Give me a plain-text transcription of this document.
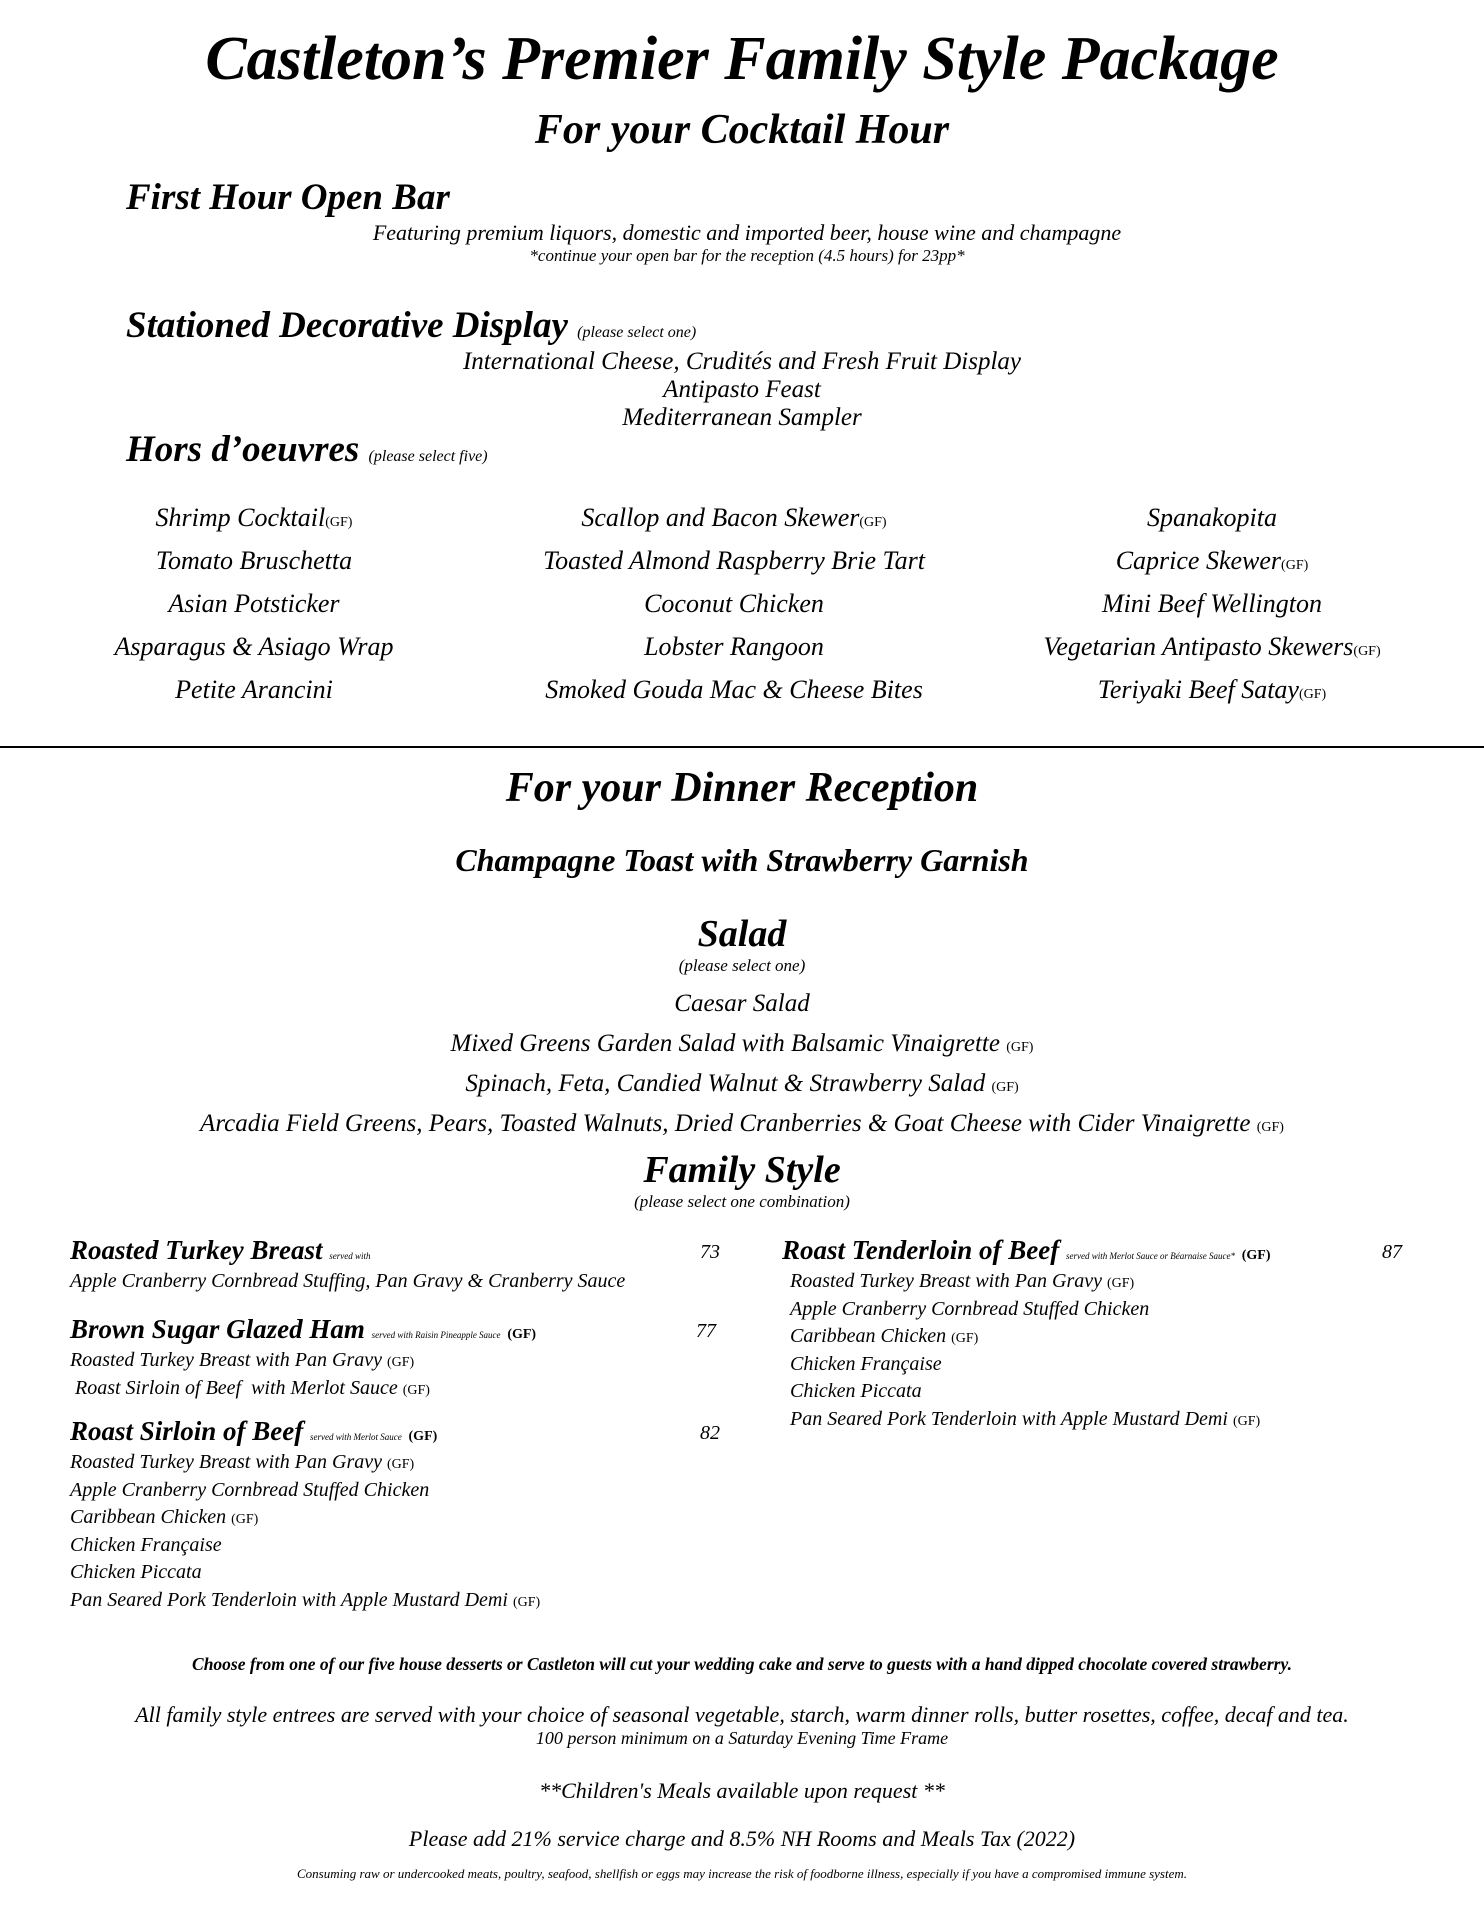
Castleton’s Premier Family Style Package
For your Cocktail Hour
First Hour Open Bar
Featuring premium liquors, domestic and imported beer, house wine and champagne
*continue your open bar for the reception (4.5 hours) for 23pp*
Stationed Decorative Display (please select one)
International Cheese, Crudités and Fresh Fruit Display
Antipasto Feast
Mediterranean Sampler
Hors d’oeuvres (please select five)
Shrimp Cocktail(GF)
Tomato Bruschetta
Asian Potsticker
Asparagus & Asiago Wrap
Petite Arancini
Scallop and Bacon Skewer(GF)
Toasted Almond Raspberry Brie Tart
Coconut Chicken
Lobster Rangoon
Smoked Gouda Mac & Cheese Bites
Spanakopita
Caprice Skewer(GF)
Mini Beef Wellington
Vegetarian Antipasto Skewers(GF)
Teriyaki Beef Satay(GF)
For your Dinner Reception
Champagne Toast with Strawberry Garnish
Salad
(please select one)
Caesar Salad
Mixed Greens Garden Salad with Balsamic Vinaigrette (GF)
Spinach, Feta, Candied Walnut & Strawberry Salad (GF)
Arcadia Field Greens, Pears, Toasted Walnuts, Dried Cranberries & Goat Cheese with Cider Vinaigrette (GF)
Family Style
(please select one combination)
Roasted Turkey Breast served with	73
Apple Cranberry Cornbread Stuffing, Pan Gravy & Cranberry Sauce
Brown Sugar Glazed Ham served with Raisin Pineapple Sauce (GF)	77
Roasted Turkey Breast with Pan Gravy (GF)
Roast Sirloin of Beef  with Merlot Sauce (GF)
Roast Sirloin of Beef served with Merlot Sauce (GF)	82
Roasted Turkey Breast with Pan Gravy (GF)
Apple Cranberry Cornbread Stuffed Chicken
Caribbean Chicken (GF)
Chicken Française
Chicken Piccata
Pan Seared Pork Tenderloin with Apple Mustard Demi (GF)
Roast Tenderloin of Beef served with Merlot Sauce or Béarnaise Sauce* (GF)	87
Roasted Turkey Breast with Pan Gravy (GF)
Apple Cranberry Cornbread Stuffed Chicken
Caribbean Chicken (GF)
Chicken Française
Chicken Piccata
Pan Seared Pork Tenderloin with Apple Mustard Demi (GF)
Choose from one of our five house desserts or Castleton will cut your wedding cake and serve to guests with a hand dipped chocolate covered strawberry.
All family style entrees are served with your choice of seasonal vegetable, starch, warm dinner rolls, butter rosettes, coffee, decaf and tea.
100 person minimum on a Saturday Evening Time Frame
**Children's Meals available upon request **
Please add 21% service charge and 8.5% NH Rooms and Meals Tax (2022)
Consuming raw or undercooked meats, poultry, seafood, shellfish or eggs may increase the risk of foodborne illness, especially if you have a compromised immune system.
